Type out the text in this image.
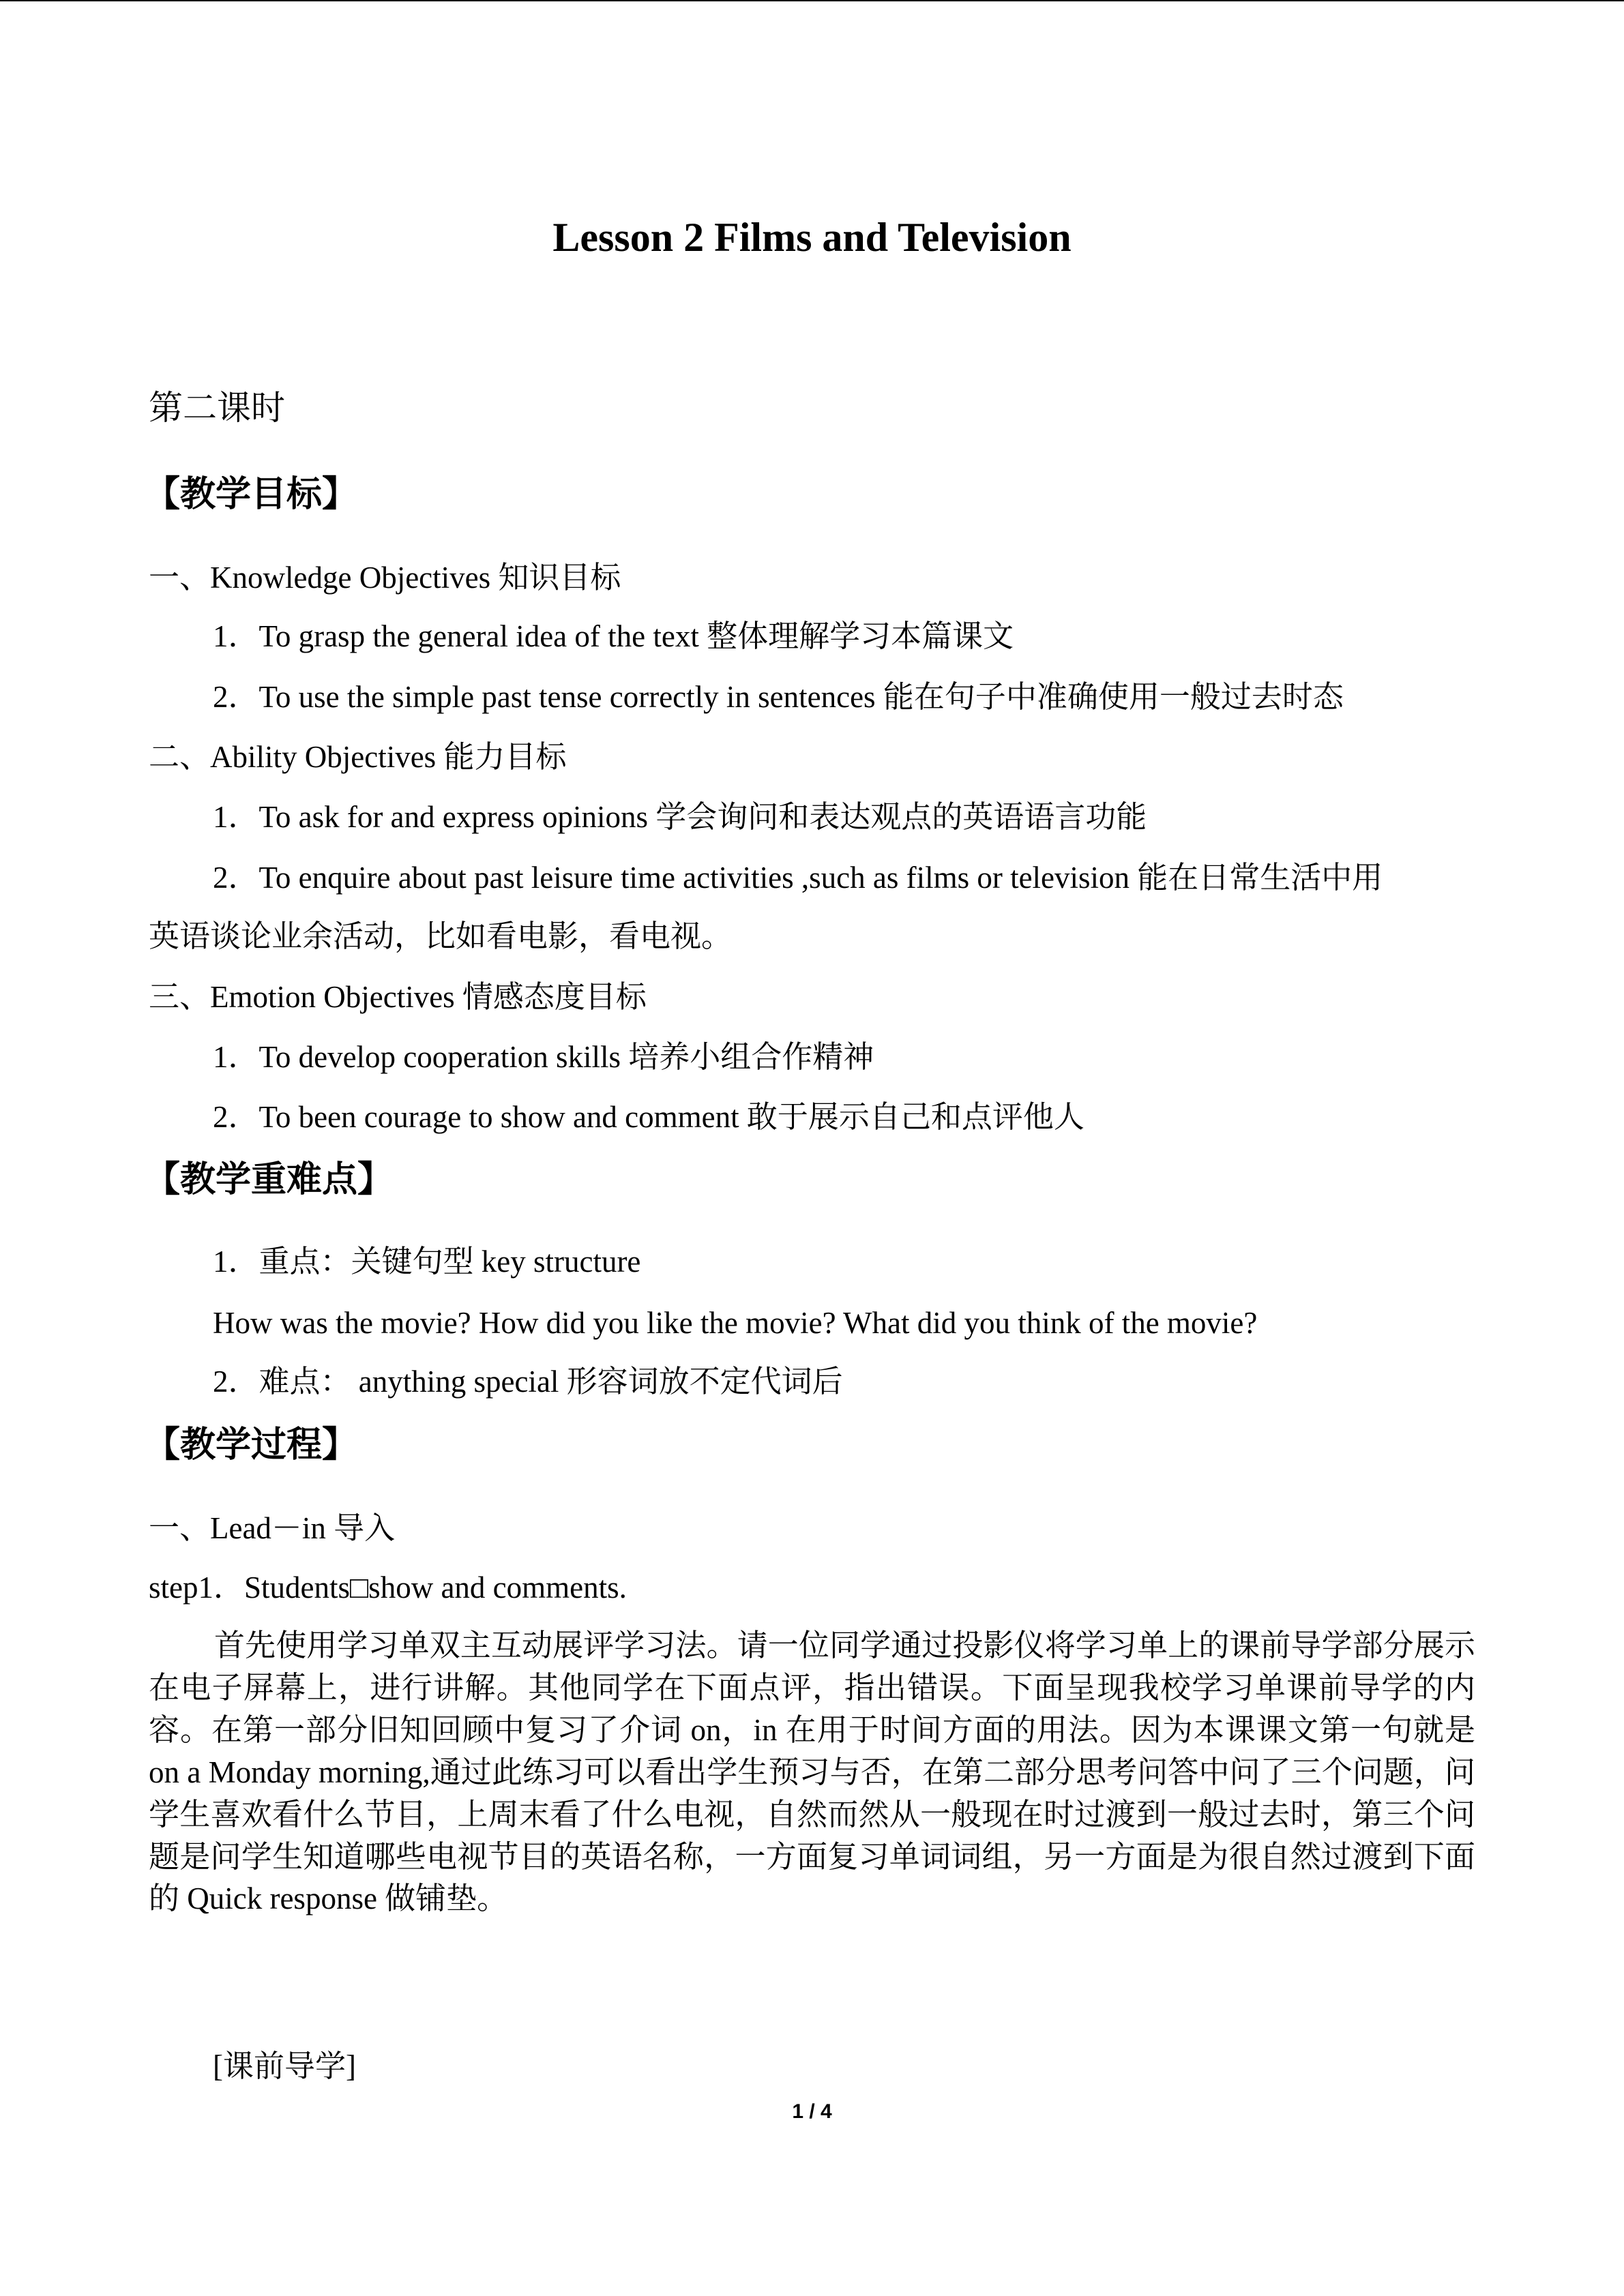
Lesson 2 Films and Television
第二课时
【教学目标】
一、Knowledge Objectives 知识目标
1．To grasp the general idea of the text 整体理解学习本篇课文
2．To use the simple past tense correctly in sentences 能在句子中准确使用一般过去时态
二、Ability Objectives 能力目标
1．To ask for and express opinions 学会询问和表达观点的英语语言功能
2．To enquire about past leisure time activities ,such as films or television 能在日常生活中用
英语谈论业余活动，比如看电影，看电视。
三、Emotion Objectives 情感态度目标
1．To develop cooperation skills 培养小组合作精神
2．To been courage to show and comment 敢于展示自己和点评他人
【教学重难点】
1．重点：关键句型 key structure
How was the movie? How did you like the movie? What did you think of the movie?
2．难点： anything special 形容词放不定代词后
【教学过程】
一、Lead－in 导入
step1．Students□show and comments.
首先使用学习单双主互动展评学习法。请一位同学通过投影仪将学习单上的课前导学部分展示在电子屏幕上，进行讲解。其他同学在下面点评，指出错误。下面呈现我校学习单课前导学的内容。在第一部分旧知回顾中复习了介词 on，in 在用于时间方面的用法。因为本课课文第一句就是 on a Monday morning,通过此练习可以看出学生预习与否，在第二部分思考问答中问了三个问题，问学生喜欢看什么节目，上周末看了什么电视，自然而然从一般现在时过渡到一般过去时，第三个问题是问学生知道哪些电视节目的英语名称，一方面复习单词词组，另一方面是为很自然过渡到下面的 Quick response 做铺垫。
[课前导学]
1 / 4
